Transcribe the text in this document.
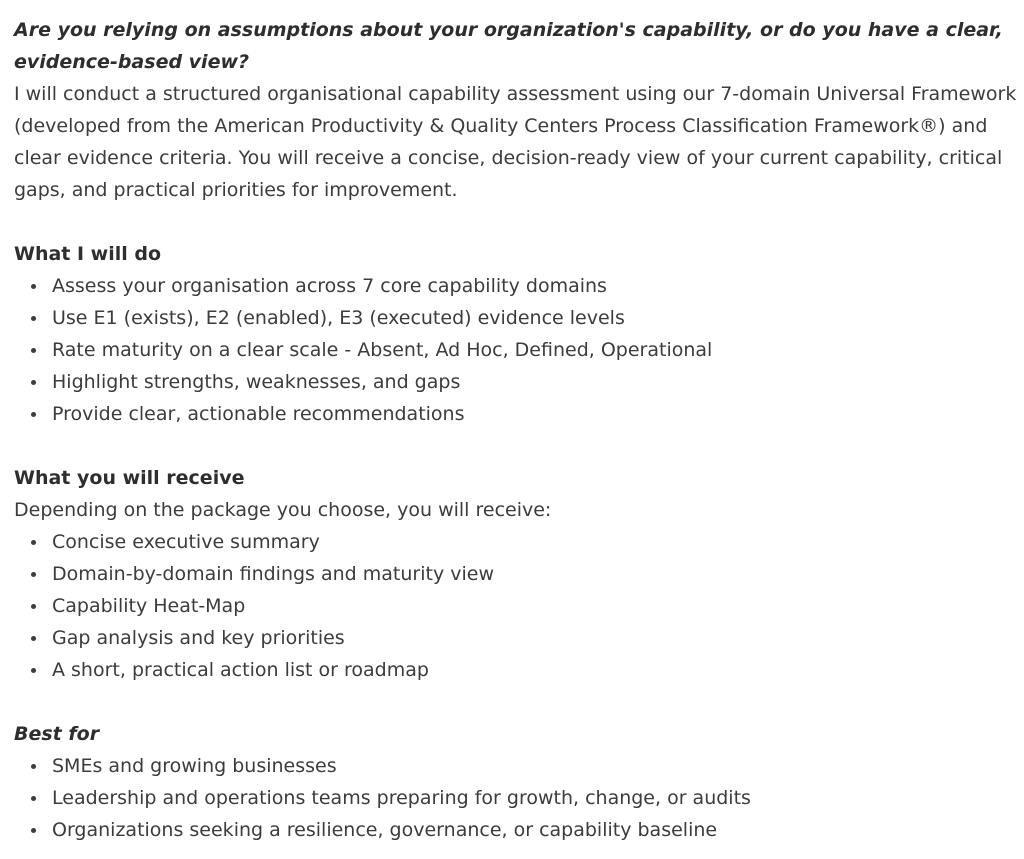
Are you relying on assumptions about your organization's capability, or do you have a clear, evidence-based view?

I will conduct a structured organisational capability assessment using our 7-domain Universal Framework (developed from the American Productivity & Quality Centers Process Classification Framework®) and clear evidence criteria. You will receive a concise, decision-ready view of your current capability, critical gaps, and practical priorities for improvement.

What I will do

Assess your organisation across 7 core capability domains
Use E1 (exists), E2 (enabled), E3 (executed) evidence levels
Rate maturity on a clear scale - Absent, Ad Hoc, Defined, Operational
Highlight strengths, weaknesses, and gaps
Provide clear, actionable recommendations

What you will receive

Depending on the package you choose, you will receive:

Concise executive summary
Domain-by-domain findings and maturity view
Capability Heat-Map
Gap analysis and key priorities
A short, practical action list or roadmap

Best for

SMEs and growing businesses
Leadership and operations teams preparing for growth, change, or audits
Organizations seeking a resilience, governance, or capability baseline
